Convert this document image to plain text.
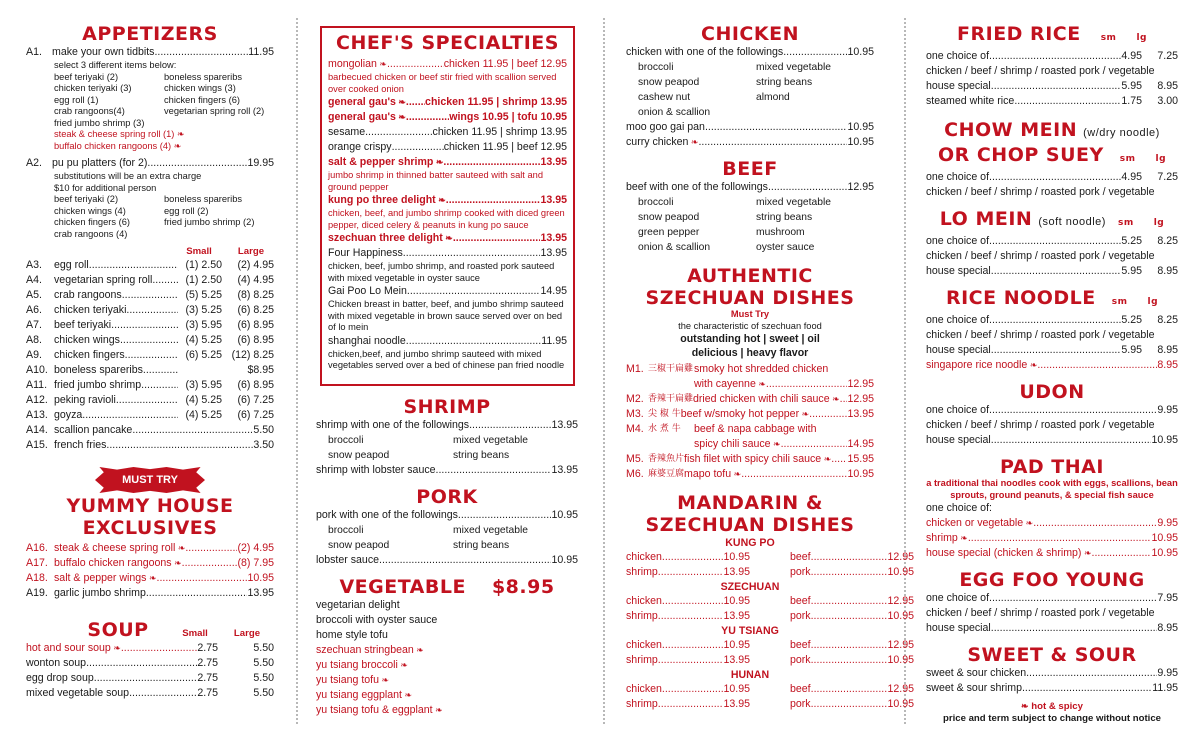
APPETIZERS
A1. make your own tidbits .....	11.95
select 3 different items below:
beef teriyaki (2)	boneless spareribs
chicken teriyaki (3)	chicken wings (3)
egg roll (1)	chicken fingers (6)
crab rangoons(4)	vegetarian spring roll (2)
fried jumbo shrimp (3)
steak & cheese spring roll (1) ❧
buffalo chicken rangoons (4) ❧
A2. pu pu platters (for 2) .....	19.95
substitutions will be an extra charge
$10 for additional person
beef teriyaki (2)	boneless spareribs
chicken wings (4)	egg roll (2)
chicken fingers (6)	fried jumbo shrimp (2)
crab rangoons (4)
Small	Large
A3.	egg roll .....	(1) 2.50	(2) 4.95
A4.	vegetarian spring roll .....	(1) 2.50	(4) 4.95
A5.	crab rangoons .....	(5) 5.25	(8) 8.25
A6.	chicken teriyaki .....	(3) 5.25	(6) 8.25
A7.	beef teriyaki .....	(3) 5.95	(6) 8.95
A8.	chicken wings .....	(4) 5.25	(6) 8.95
A9.	chicken fingers .....	(6) 5.25 (12) 8.25
A10. boneless spareribs .....	$8.95
A11. fried jumbo shrimp .....	(3) 5.95	(6) 8.95
A12. peking ravioli .....	(4) 5.25	(6) 7.25
A13. goyza .....	(4) 5.25	(6) 7.25
A14. scallion pancake .....	5.50
A15. french fries .....	3.50
MUST TRY
YUMMY HOUSE
EXCLUSIVES
A16. steak & cheese spring roll ❧ .....	(2) 4.95
A17. buffalo chicken rangoons ❧ .....	(8) 7.95
A18. salt & pepper wings ❧ .....	10.95
A19. garlic jumbo shrimp .....	13.95
SOUP	Small	Large
hot and sour soup ❧ .....	2.75	5.50
wonton soup .....	2.75	5.50
egg drop soup .....	2.75	5.50
mixed vegetable soup .....	2.75	5.50
CHEF'S SPECIALTIES
mongolian ❧ .....	chicken 11.95 | beef 12.95
barbecued chicken or beef stir fried with scallion served over cooked onion
general gau's ❧ ..... chicken 11.95 | shrimp 13.95
general gau's ❧ .....	wings 10.95 | tofu 10.95
sesame .....	chicken 11.95 | shrimp 13.95
orange crispy .....	chicken 11.95 | beef 12.95
salt & pepper shrimp ❧ .....	13.95
jumbo shrimp in thinned batter sauteed with salt and ground pepper
kung po three delight ❧ .....	13.95
chicken, beef, and jumbo shrimp cooked with diced green pepper, diced celery & peanuts in kung po sauce
szechuan three delight ❧ .....	13.95
Four Happiness .....	13.95
chicken, beef, jumbo shrimp, and roasted pork sauteed with mixed vegetable in oyster sauce
Gai Poo Lo Mein .....	14.95
Chicken breast in batter, beef, and jumbo shrimp sauteed with mixed vegetable in brown sauce served over on bed of lo mein
shanghai noodle .....	11.95
chicken,beef, and jumbo shrimp sauteed with mixed vegetables served over a bed of chinese pan fried noodle
SHRIMP
shrimp with one of the followings .....	13.95
broccoli	mixed vegetable
snow peapod	string beans
shrimp with lobster sauce .....	13.95
PORK
pork with one of the followings .....	10.95
broccoli	mixed vegetable
snow peapod	string beans
lobster sauce .....	10.95
VEGETABLE $8.95
vegetarian delight
broccoli with oyster sauce
home style tofu
szechuan stringbean ❧
yu tsiang broccoli ❧
yu tsiang tofu ❧
yu tsiang eggplant ❧
yu tsiang tofu & eggplant ❧
CHICKEN
chicken with one of the followings .....	10.95
broccoli	mixed vegetable
snow peapod	string beans
cashew nut	almond
onion & scallion
moo goo gai pan .....	10.95
curry chicken ❧ .....	10.95
BEEF
beef with one of the followings .....	12.95
broccoli	mixed vegetable
snow peapod	string beans
green pepper	mushroom
onion & scallion	oyster sauce
AUTHENTIC
SZECHUAN DISHES
Must Try
the characteristic of szechuan food
outstanding hot | sweet | oil
delicious | heavy flavor
M1. 三椒干扁雞 smoky hot shredded chicken
with cayenne ❧ .....	12.95
M2. 香辣干扁雞 dried chicken with chili sauce ❧ ..... 12.95
M3. 尖 椒 牛 beef w/smoky hot pepper ❧ .....	13.95
M4. 水 煮 牛	beef & napa cabbage with
spicy chili sauce ❧ .....	14.95
M5. 香辣魚片 fish filet with spicy chili sauce ❧ ..... 15.95
M6. 麻婆豆腐 mapo tofu ❧ .....	10.95
MANDARIN &
SZECHUAN DISHES
KUNG PO
chicken .....	10.95	beef .....	12.95
shrimp .....	13.95	pork .....	10.95
SZECHUAN
chicken .....	10.95	beef .....	12.95
shrimp .....	13.95	pork .....	10.95
YU TSIANG
chicken .....	10.95	beef .....	12.95
shrimp .....	13.95	pork .....	10.95
HUNAN
chicken .....	10.95	beef .....	12.95
shrimp .....	13.95	pork .....	10.95
FRIED RICE sm lg
one choice of .....	4.95	7.25
chicken / beef / shrimp / roasted pork / vegetable
house special .....	5.95	8.95
steamed white rice .....	1.75	3.00
CHOW MEIN (w/dry noodle)
OR CHOP SUEY sm lg
one choice of .....	4.95	7.25
chicken / beef / shrimp / roasted pork / vegetable
LO MEIN (soft noodle) sm lg
one choice of .....	5.25	8.25
chicken / beef / shrimp / roasted pork / vegetable
house special .....	5.95	8.95
RICE NOODLE sm lg
one choice of .....	5.25	8.25
chicken / beef / shrimp / roasted pork / vegetable
house special .....	5.95	8.95
singapore rice noodle ❧ .....	8.95
UDON
one choice of .....	9.95
chicken / beef / shrimp / roasted pork / vegetable
house special .....	10.95
PAD THAI
a traditional thai noodles cook with eggs, scallions, bean sprouts, ground peanuts, & special fish sauce
one choice of:
chicken or vegetable ❧ .....	9.95
shrimp ❧ .....	10.95
house special (chicken & shrimp) ❧ .....	10.95
EGG FOO YOUNG
one choice of .....	7.95
chicken / beef / shrimp / roasted pork / vegetable
house special .....	8.95
SWEET & SOUR
sweet & sour chicken .....	9.95
sweet & sour shrimp .....	11.95
❧ hot & spicy
price and term subject to change without notice
